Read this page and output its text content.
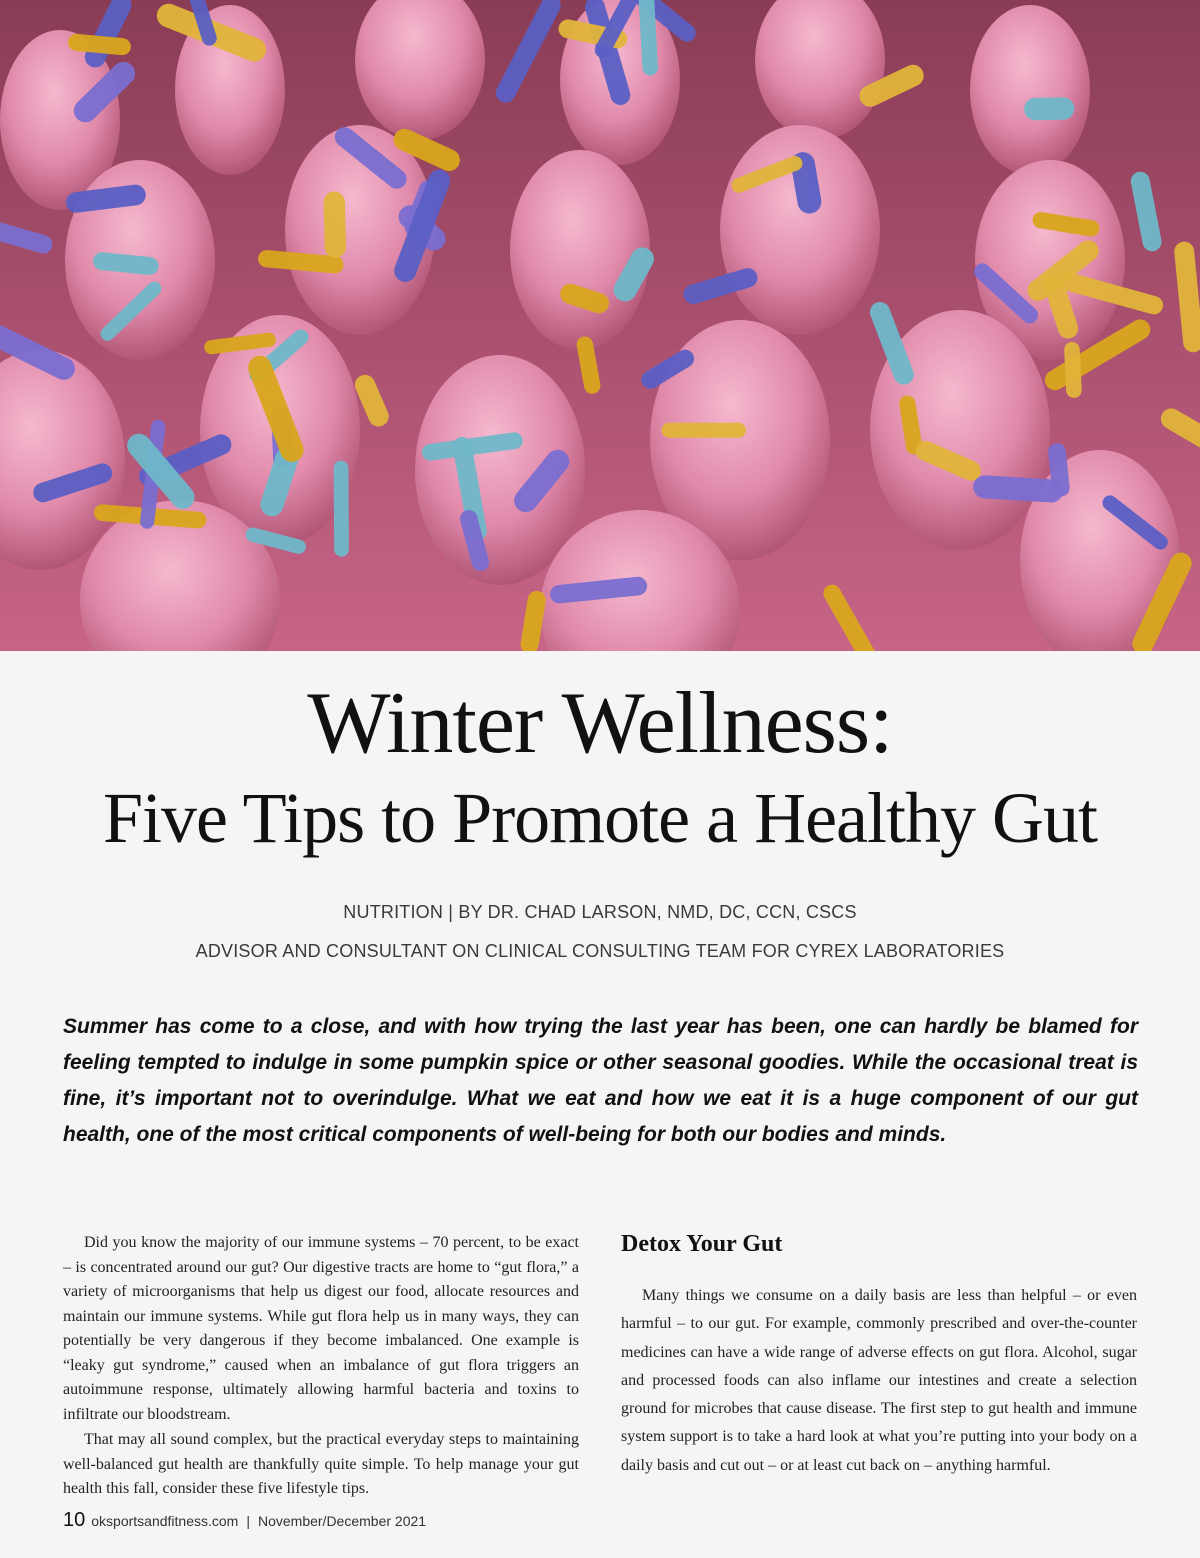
Winter Wellness:
Five Tips to Promote a Healthy Gut
NUTRITION | BY DR. CHAD LARSON, NMD, DC, CCN, CSCS
ADVISOR AND CONSULTANT ON CLINICAL CONSULTING TEAM FOR CYREX LABORATORIES

Summer has come to a close, and with how trying the last year has been, one can hardly be blamed for feeling tempted to indulge in some pumpkin spice or other seasonal goodies. While the occasional treat is fine, it’s important not to overindulge. What we eat and how we eat it is a huge component of our gut health, one of the most critical components of well-being for both our bodies and minds.

Did you know the majority of our immune systems – 70 percent, to be exact – is concentrated around our gut? Our digestive tracts are home to “gut flora,” a variety of microorganisms that help us digest our food, allocate resources and maintain our immune systems. While gut flora help us in many ways, they can potentially be very dangerous if they become imbalanced. One example is “leaky gut syndrome,” caused when an imbalance of gut flora triggers an autoimmune response, ultimately allowing harmful bacteria and toxins to infiltrate our bloodstream.

That may all sound complex, but the practical everyday steps to maintaining well-balanced gut health are thankfully quite simple. To help manage your gut health this fall, consider these five lifestyle tips.

Detox Your Gut

Many things we consume on a daily basis are less than helpful – or even harmful – to our gut. For example, commonly prescribed and over-the-counter medicines can have a wide range of adverse effects on gut flora. Alcohol, sugar and processed foods can also inflame our intestines and create a selection ground for microbes that cause disease. The first step to gut health and immune system support is to take a hard look at what you’re putting into your body on a daily basis and cut out – or at least cut back on – anything harmful.

10 oksportsandfitness.com | November/December 2021
